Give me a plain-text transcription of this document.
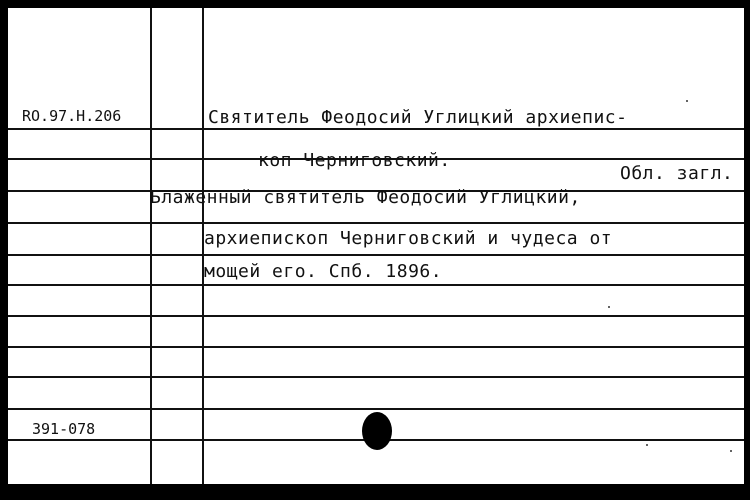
RO.97.H.206	Святитель Феодосий Углицкий архиепис-
коп Черниговский.
Обл. загл.
Блаженный святитель Феодосий Углицкий,
архиепископ Черниговский и чудеса от
мощей его. Спб. 1896.
391-078
